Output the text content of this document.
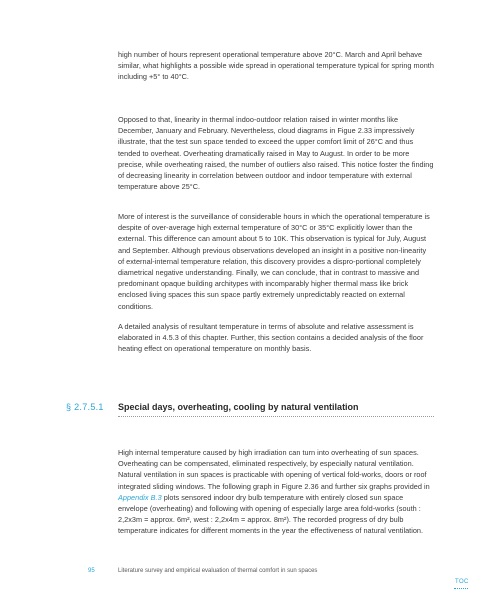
high number of hours represent operational temperature above 20°C. March and April behave similar, what highlights a possible wide spread in operational temperature typical for spring month including +5° to 40°C.

Opposed to that, linearity in thermal indoo-outdoor relation raised in winter months like December, January and February. Nevertheless, cloud diagrams in Figue 2.33 impressively illustrate, that the test sun space tended to exceed the upper comfort limit of 26°C and thus tended to overheat. Overheating dramatically raised in May to August. In order to be more precise, while overheating raised, the number of outliers also raised. This notice foster the finding of decreasing linearity in correlation between outdoor and indoor temperature with external temperature above 25°C.

More of interest is the surveillance of considerable hours in which the operational temperature is despite of over-average high external temperature of 30°C or 35°C explicitly lower than the external. This difference can amount about 5 to 10K. This observation is typical for July, August and September. Although previous observations developed an insight in a positive non-linearity of external-internal temperature relation, this discovery provides a dispro-portional completely diametrical negative understanding. Finally, we can conclude, that in contrast to massive and predominant opaque building architypes with incomparably higher thermal mass like brick enclosed living spaces this sun space partly extremely unpredictably reacted on external conditions.

A detailed analysis of resultant temperature in terms of absolute and relative assessment is elaborated in 4.5.3 of this chapter. Further, this section contains a decided analysis of the floor heating effect on operational temperature on monthly basis.

§ 2.7.5.1 Special days, overheating, cooling by natural ventilation

High internal temperature caused by high irradiation can turn into overheating of sun spaces. Overheating can be compensated, eliminated respectively, by especially natural ventilation. Natural ventilation in sun spaces is practicable with opening of vertical fold-works, doors or roof integrated sliding windows. The following graph in Figure 2.36 and further six graphs provided in Appendix B.3 plots sensored indoor dry bulb temperature with entirely closed sun space envelope (overheating) and following with opening of especially large area fold-works (south : 2,2x3m = approx. 6m², west : 2,2x4m = approx. 8m²). The recorded progress of dry bulb temperature indicates for different moments in the year the effectiveness of natural ventilation.

95	Literature survey and empirical evaluation of thermal comfort in sun spaces
TOC
